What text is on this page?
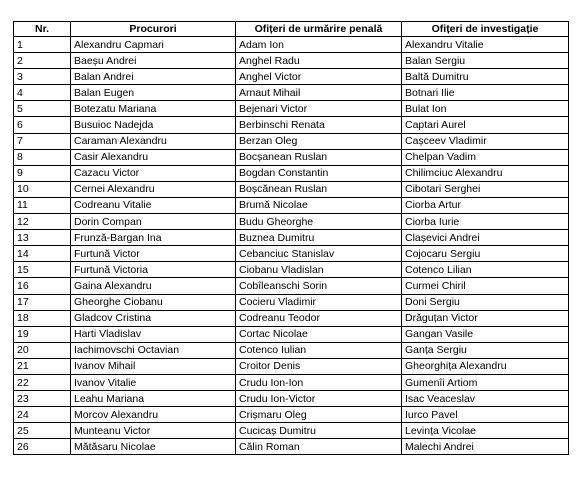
Nr.	Procurori	Ofițeri de urmărire penală	Ofițeri de investigație
1	Alexandru Capmari	Adam Ion	Alexandru Vitalie
2	Baeșu Andrei	Anghel Radu	Balan Sergiu
3	Balan Andrei	Anghel Victor	Baltă Dumitru
4	Balan Eugen	Arnaut Mihail	Botnari Ilie
5	Botezatu Mariana	Bejenari Victor	Bulat Ion
6	Busuioc Nadejda	Berbinschi Renata	Captari Aurel
7	Caraman Alexandru	Berzan Oleg	Cașceev Vladimir
8	Casir Alexandru	Bocșanean Ruslan	Chelpan Vadim
9	Cazacu Victor	Bogdan Constantin	Chilimciuc Alexandru
10	Cernei Alexandru	Boșcănean Ruslan	Cibotari Serghei
11	Codreanu Vitalie	Brumă Nicolae	Ciorba Artur
12	Dorin Compan	Budu Gheorghe	Ciorba Iurie
13	Frunză-Bargan Ina	Buznea Dumitru	Clașevici Andrei
14	Furtună Victor	Cebanciuc Stanislav	Cojocaru Sergiu
15	Furtună Victoria	Ciobanu Vladislan	Cotenco Lilian
16	Gaina Alexandru	Cobîleanschi Sorin	Curmei Chiril
17	Gheorghe Ciobanu	Cocieru Vladimir	Doni Sergiu
18	Gladcov Cristina	Codreanu Teodor	Drăguțan Victor
19	Harti Vladislav	Cortac Nicolae	Gangan Vasile
20	Iachimovschi Octavian	Cotenco Iulian	Ganța Sergiu
21	Ivanov Mihail	Croitor Denis	Gheorghița Alexandru
22	Ivanov Vitalie	Crudu Ion-Ion	Gumenîi Artiom
23	Leahu Mariana	Crudu Ion-Victor	Isac Veaceslav
24	Morcov Alexandru	Crișmaru Oleg	Iurco Pavel
25	Munteanu Victor	Cucicaș Dumitru	Levința Vicolae
26	Mătăsaru Nicolae	Călin Roman	Malechi Andrei
